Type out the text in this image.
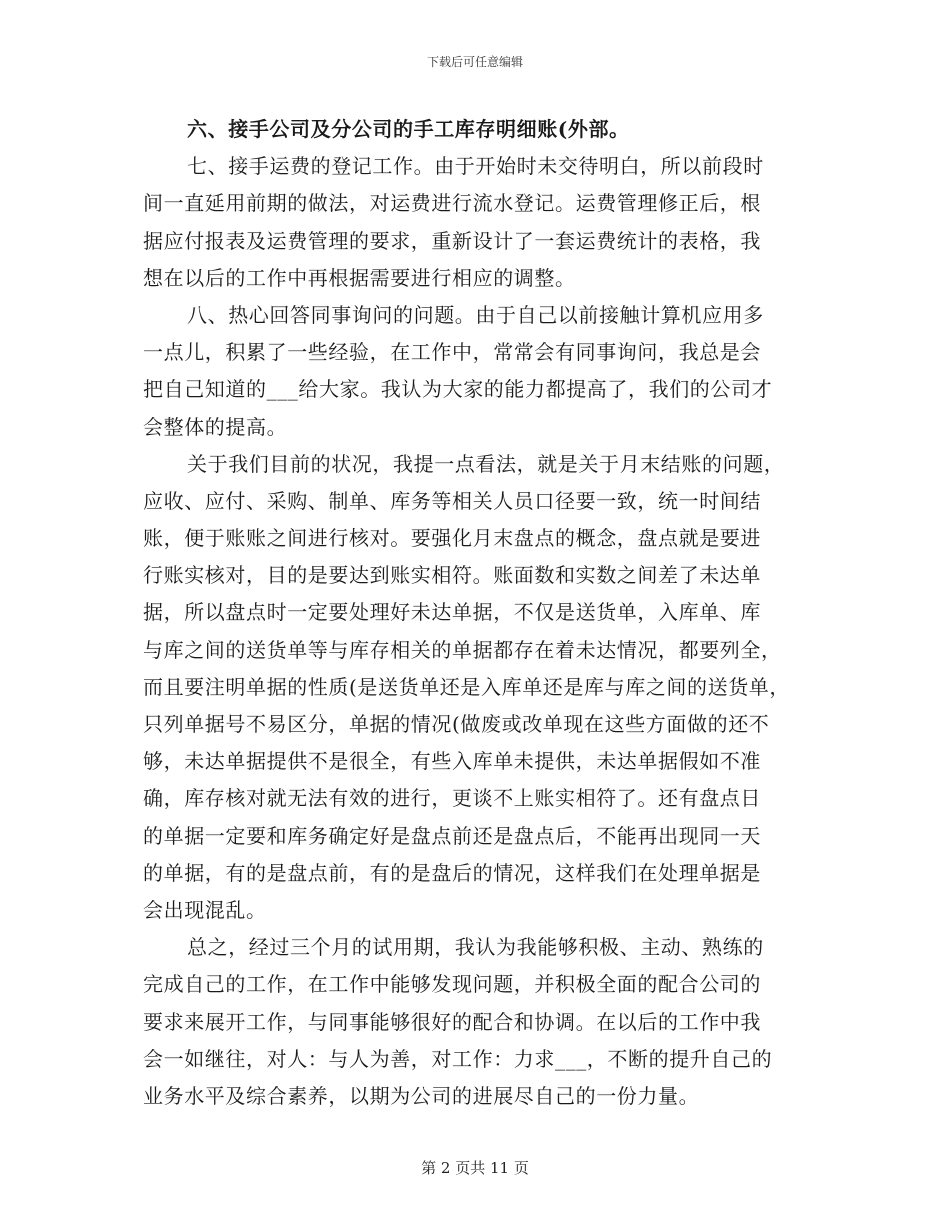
下载后可任意编辑
六、接手公司及分公司的手工库存明细账(外部。
七、接手运费的登记工作。由于开始时未交待明白，所以前段时
间一直延用前期的做法，对运费进行流水登记。运费管理修正后，根
据应付报表及运费管理的要求，重新设计了一套运费统计的表格，我
想在以后的工作中再根据需要进行相应的调整。
八、热心回答同事询问的问题。由于自己以前接触计算机应用多
一点儿，积累了一些经验，在工作中，常常会有同事询问，我总是会
把自己知道的___给大家。我认为大家的能力都提高了，我们的公司才
会整体的提高。
关于我们目前的状况，我提一点看法，就是关于月末结账的问题，
应收、应付、采购、制单、库务等相关人员口径要一致，统一时间结
账，便于账账之间进行核对。要强化月末盘点的概念，盘点就是要进
行账实核对，目的是要达到账实相符。账面数和实数之间差了未达单
据，所以盘点时一定要处理好未达单据，不仅是送货单，入库单、库
与库之间的送货单等与库存相关的单据都存在着未达情况，都要列全，
而且要注明单据的性质(是送货单还是入库单还是库与库之间的送货单，
只列单据号不易区分，单据的情况(做废或改单现在这些方面做的还不
够，未达单据提供不是很全，有些入库单未提供，未达单据假如不准
确，库存核对就无法有效的进行，更谈不上账实相符了。还有盘点日
的单据一定要和库务确定好是盘点前还是盘点后，不能再出现同一天
的单据，有的是盘点前，有的是盘后的情况，这样我们在处理单据是
会出现混乱。
总之，经过三个月的试用期，我认为我能够积极、主动、熟练的
完成自己的工作，在工作中能够发现问题，并积极全面的配合公司的
要求来展开工作，与同事能够很好的配合和协调。在以后的工作中我
会一如继往，对人：与人为善，对工作：力求___，不断的提升自己的
业务水平及综合素养，以期为公司的进展尽自己的一份力量。
第 2 页共 11 页
